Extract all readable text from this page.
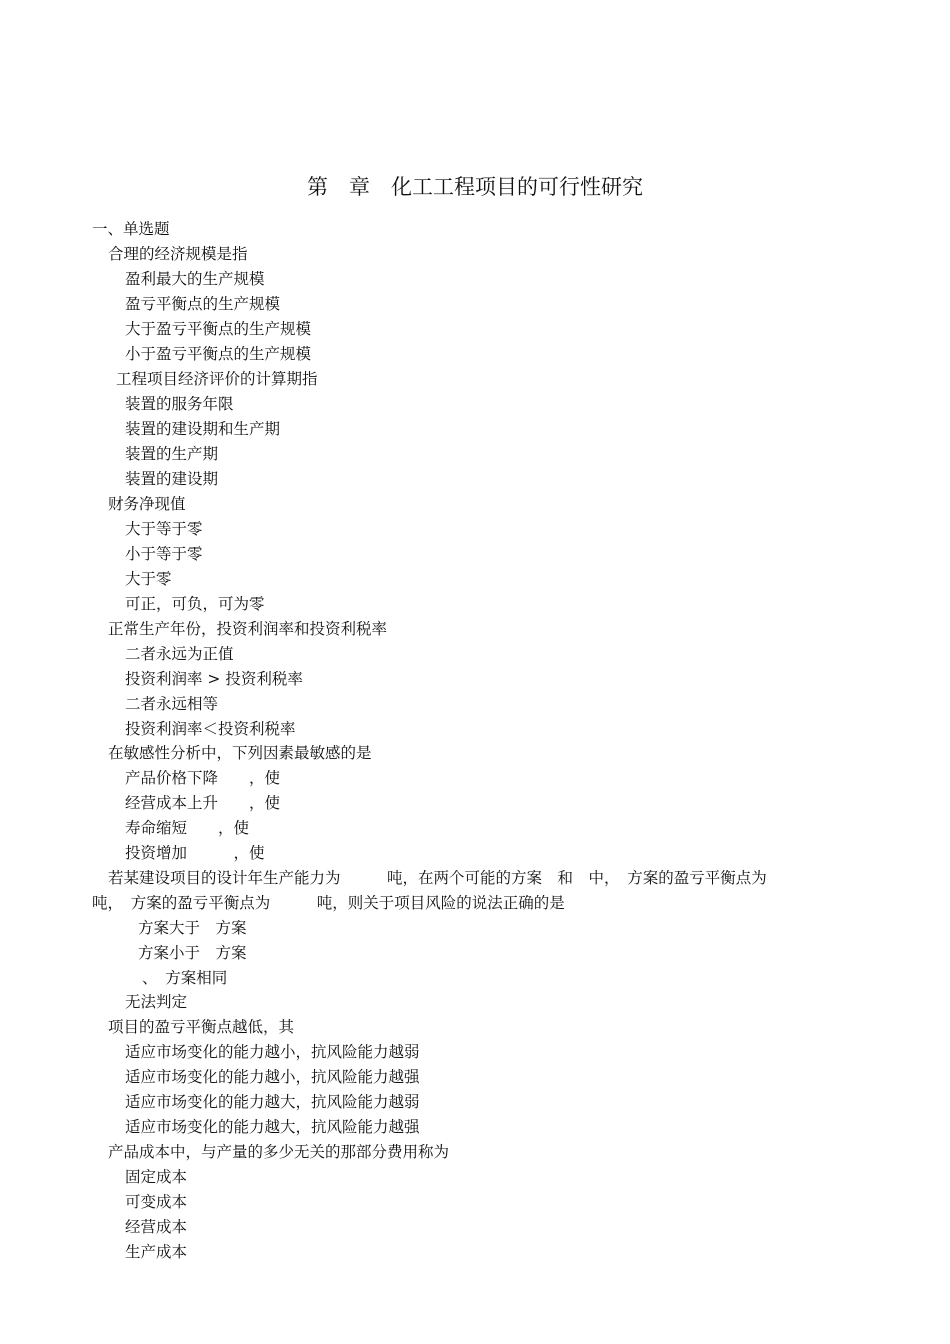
第　章　化工工程项目的可行性研究
一、单选题
合理的经济规模是指
盈利最大的生产规模
盈亏平衡点的生产规模
大于盈亏平衡点的生产规模
小于盈亏平衡点的生产规模
工程项目经济评价的计算期指
装置的服务年限
装置的建设期和生产期
装置的生产期
装置的建设期
财务净现值
大于等于零
小于等于零
大于零
可正，可负，可为零
正常生产年份，投资利润率和投资利税率
二者永远为正值
投资利润率 > 投资利税率
二者永远相等
投资利润率＜投资利税率
在敏感性分析中，下列因素最敏感的是
产品价格下降　　，使
经营成本上升　　，使
寿命缩短　　，使
投资增加　　　，使
若某建设项目的设计年生产能力为　　　吨，在两个可能的方案　和　中，　方案的盈亏平衡点为
吨，　方案的盈亏平衡点为　　　吨，则关于项目风险的说法正确的是
方案大于　方案
方案小于　方案
、　方案相同
无法判定
项目的盈亏平衡点越低，其
适应市场变化的能力越小，抗风险能力越弱
适应市场变化的能力越小，抗风险能力越强
适应市场变化的能力越大，抗风险能力越弱
适应市场变化的能力越大，抗风险能力越强
产品成本中，与产量的多少无关的那部分费用称为
固定成本
可变成本
经营成本
生产成本
